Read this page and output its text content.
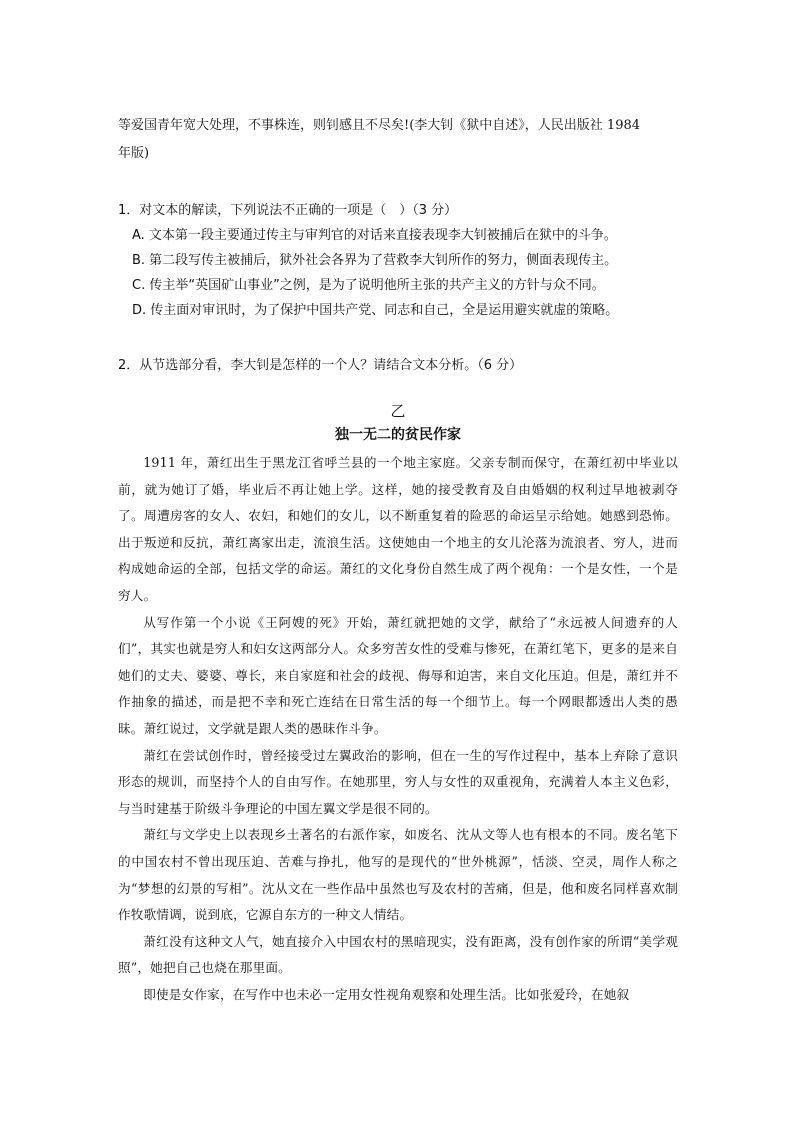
等爱国青年宽大处理，不事株连，则钊感且不尽矣!(李大钊《狱中自述》，人民出版社 1984

年版)

1．对文本的解读，下列说法不正确的一项是（　）（3 分）

A. 文本第一段主要通过传主与审判官的对话来直接表现李大钊被捕后在狱中的斗争。

B. 第二段写传主被捕后，狱外社会各界为了营救李大钊所作的努力，侧面表现传主。

C. 传主举“英国矿山事业”之例，是为了说明他所主张的共产主义的方针与众不同。

D. 传主面对审讯时，为了保护中国共产党、同志和自己，全是运用避实就虚的策略。

2．从节选部分看，李大钊是怎样的一个人？请结合文本分析。（6 分）

乙

独一无二的贫民作家

1911 年，萧红出生于黑龙江省呼兰县的一个地主家庭。父亲专制而保守，在萧红初中毕业以前，就为她订了婚，毕业后不再让她上学。这样，她的接受教育及自由婚姻的权利过早地被剥夺了。周遭房客的女人、农妇，和她们的女儿，以不断重复着的险恶的命运呈示给她。她感到恐怖。出于叛逆和反抗，萧红离家出走，流浪生活。这使她由一个地主的女儿沦落为流浪者、穷人，进而构成她命运的全部，包括文学的命运。萧红的文化身份自然生成了两个视角：一个是女性，一个是穷人。

从写作第一个小说《王阿嫂的死》开始，萧红就把她的文学，献给了“永远被人间遗弃的人们”，其实也就是穷人和妇女这两部分人。众多穷苦女性的受难与惨死，在萧红笔下，更多的是来自她们的丈夫、婆婆、尊长，来自家庭和社会的歧视、侮辱和迫害，来自文化压迫。但是，萧红并不作抽象的描述，而是把不幸和死亡连结在日常生活的每一个细节上。每一个网眼都透出人类的愚昧。萧红说过，文学就是跟人类的愚昧作斗争。

萧红在尝试创作时，曾经接受过左翼政治的影响，但在一生的写作过程中，基本上弃除了意识形态的规训，而坚持个人的自由写作。在她那里，穷人与女性的双重视角，充满着人本主义色彩，与当时建基于阶级斗争理论的中国左翼文学是很不同的。

萧红与文学史上以表现乡土著名的右派作家，如废名、沈从文等人也有根本的不同。废名笔下的中国农村不曾出现压迫、苦难与挣扎，他写的是现代的“世外桃源”，恬淡、空灵，周作人称之为“梦想的幻景的写相”。沈从文在一些作品中虽然也写及农村的苦痛，但是，他和废名同样喜欢制作牧歌情调，说到底，它源自东方的一种文人情结。

萧红没有这种文人气，她直接介入中国农村的黑暗现实，没有距离，没有创作家的所谓“美学观照”，她把自己也烧在那里面。

即使是女作家，在写作中也未必一定用女性视角观察和处理生活。比如张爱玲，在她叙
